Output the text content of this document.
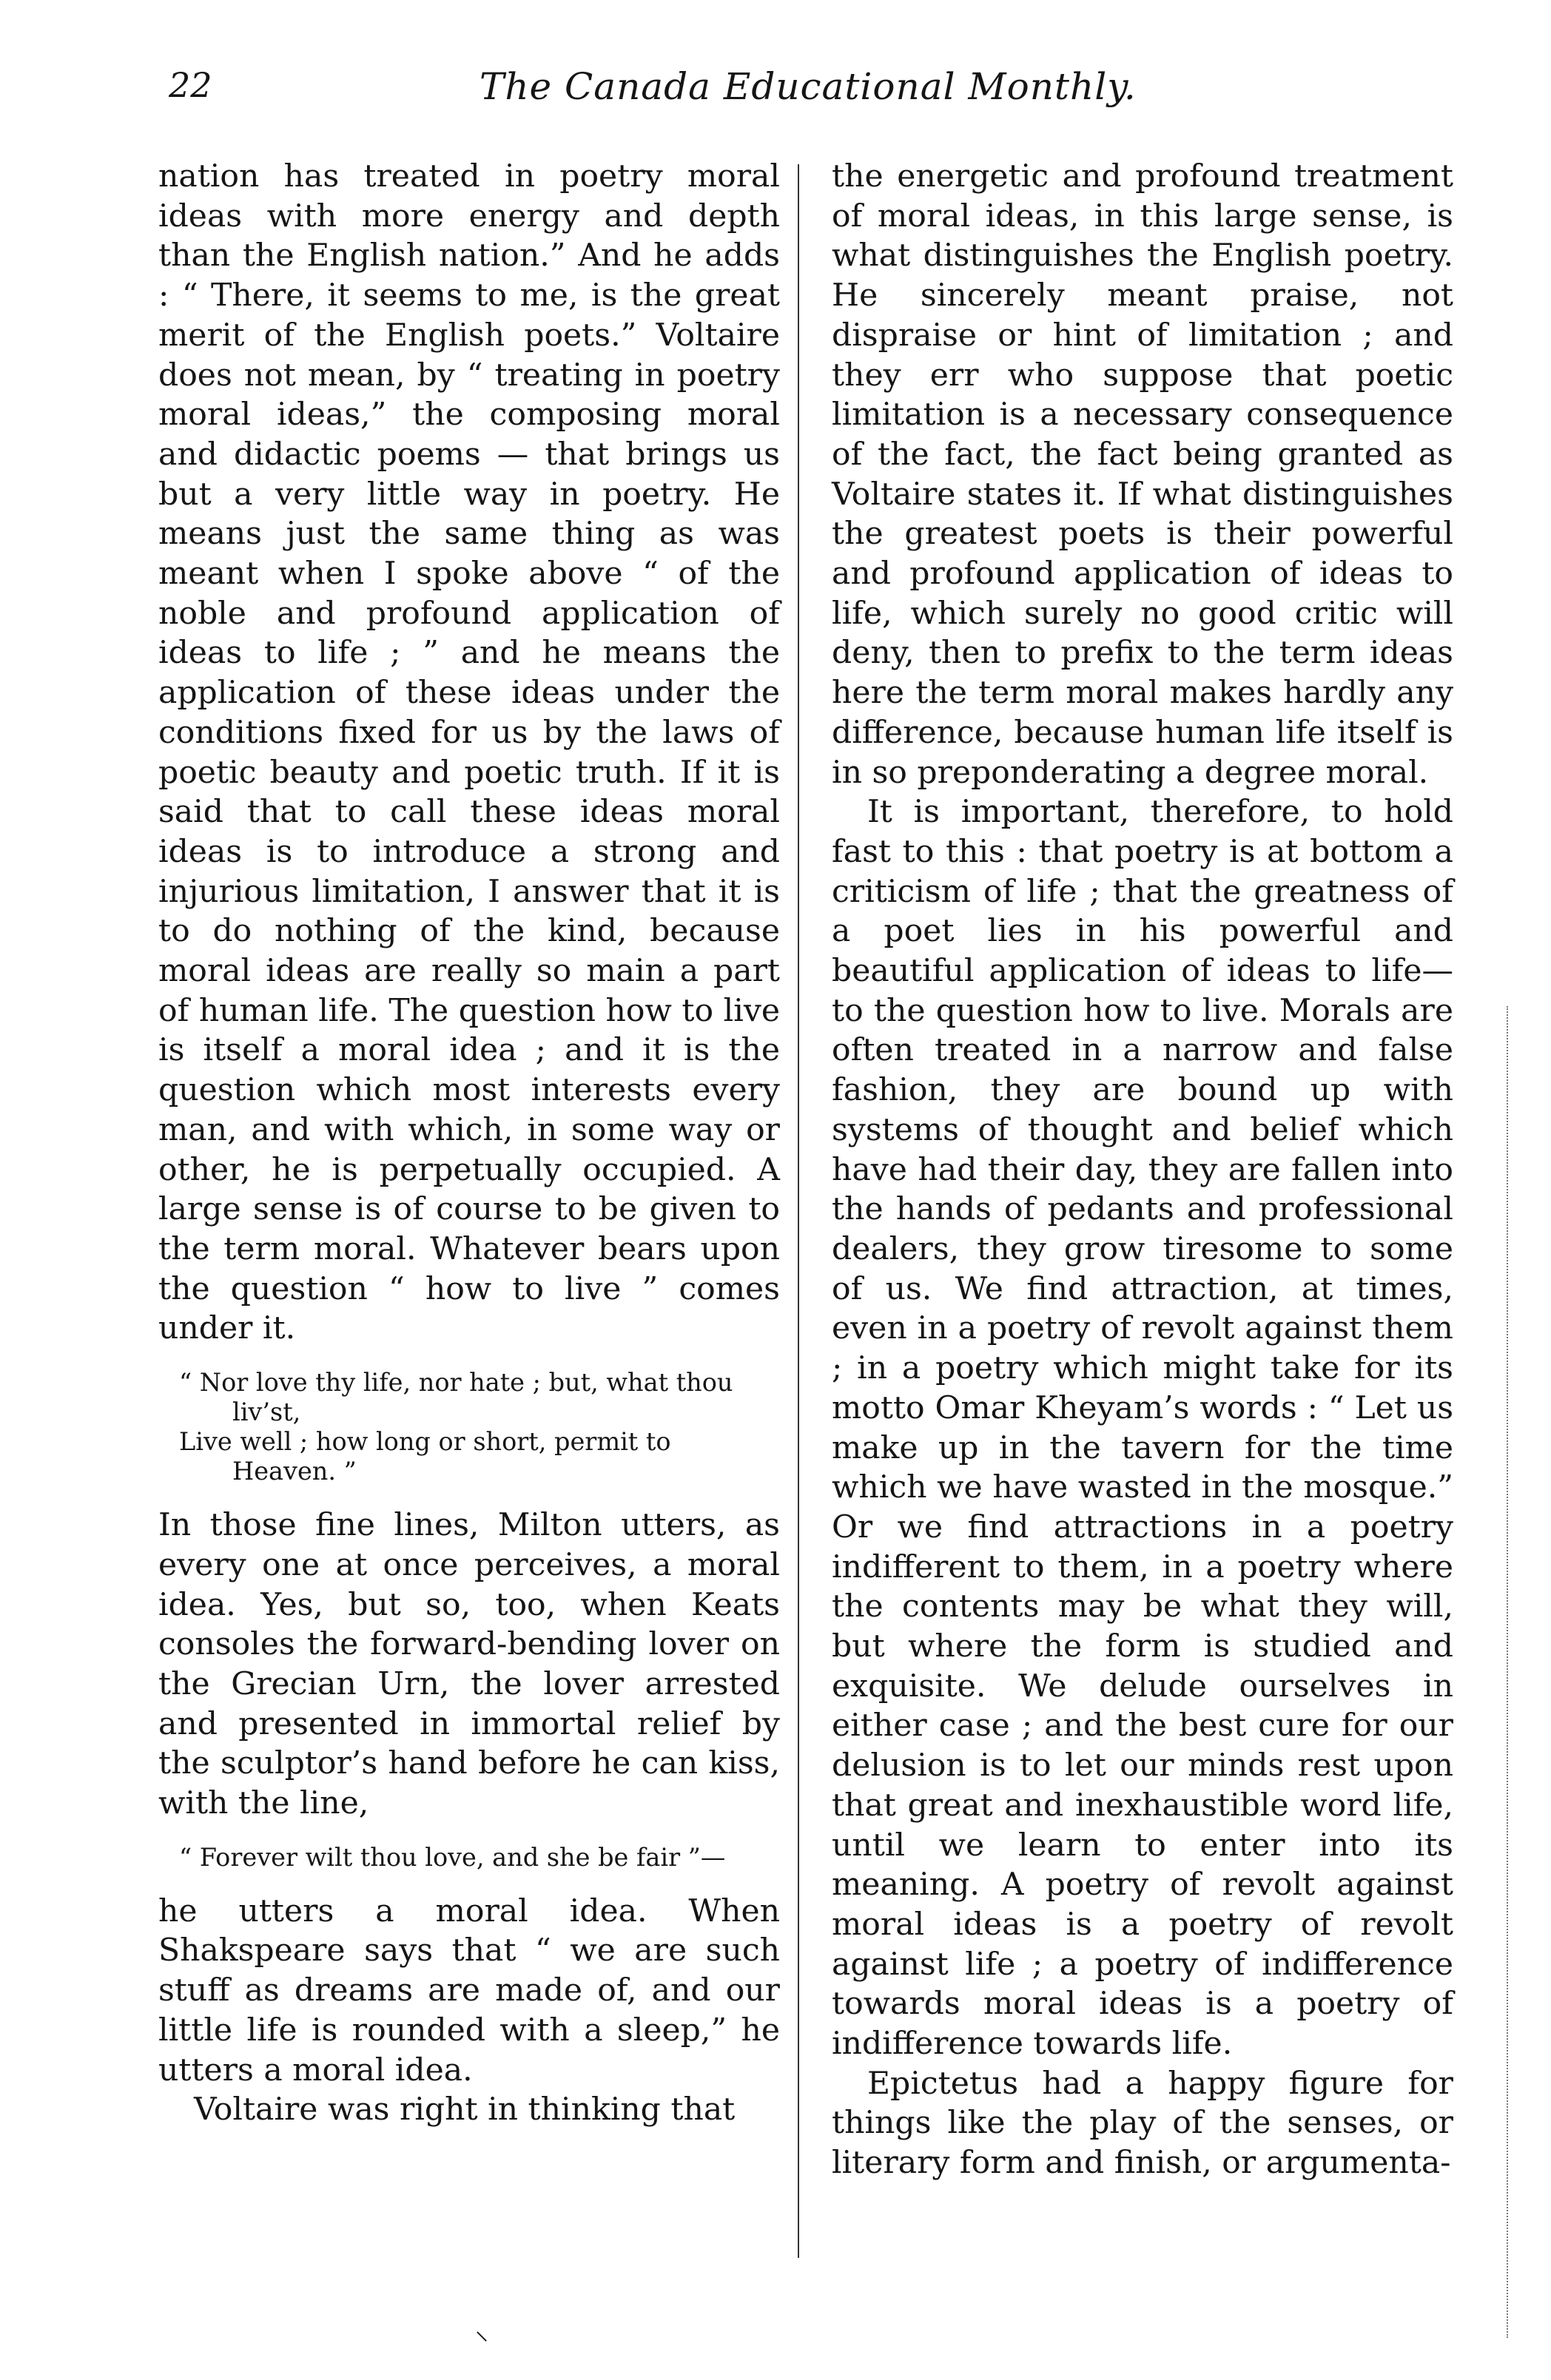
22	The Canada Educational Monthly.

nation has treated in poetry moral ideas with more energy and depth than the English nation.” And he adds : “ There, it seems to me, is the great merit of the English poets.” Voltaire does not mean, by “ treating in poetry moral ideas,” the composing moral and didactic poems — that brings us but a very little way in poetry. He means just the same thing as was meant when I spoke above “ of the noble and profound application of ideas to life ; ” and he means the application of these ideas under the conditions fixed for us by the laws of poetic beauty and poetic truth. If it is said that to call these ideas moral ideas is to introduce a strong and injurious limitation, I answer that it is to do nothing of the kind, because moral ideas are really so main a part of human life. The question how to live is itself a moral idea ; and it is the question which most interests every man, and with which, in some way or other, he is perpetually occupied. A large sense is of course to be given to the term moral. Whatever bears upon the question “ how to live ” comes under it.

“ Nor love thy life, nor hate ; but, what thou liv’st,
Live well ; how long or short, permit to Heaven. ”

In those fine lines, Milton utters, as every one at once perceives, a moral idea. Yes, but so, too, when Keats consoles the forward-bending lover on the Grecian Urn, the lover arrested and presented in immortal relief by the sculptor’s hand before he can kiss, with the line,

“ Forever wilt thou love, and she be fair ”—

he utters a moral idea. When Shakspeare says that “ we are such stuff as dreams are made of, and our little life is rounded with a sleep,” he utters a moral idea.

Voltaire was right in thinking that

the energetic and profound treatment of moral ideas, in this large sense, is what distinguishes the English poetry. He sincerely meant praise, not dispraise or hint of limitation ; and they err who suppose that poetic limitation is a necessary consequence of the fact, the fact being granted as Voltaire states it. If what distinguishes the greatest poets is their powerful and profound application of ideas to life, which surely no good critic will deny, then to prefix to the term ideas here the term moral makes hardly any difference, because human life itself is in so preponderating a degree moral.

It is important, therefore, to hold fast to this : that poetry is at bottom a criticism of life ; that the greatness of a poet lies in his powerful and beautiful application of ideas to life— to the question how to live. Morals are often treated in a narrow and false fashion, they are bound up with systems of thought and belief which have had their day, they are fallen into the hands of pedants and professional dealers, they grow tiresome to some of us. We find attraction, at times, even in a poetry of revolt against them ; in a poetry which might take for its motto Omar Kheyam’s words : “ Let us make up in the tavern for the time which we have wasted in the mosque.” Or we find attractions in a poetry indifferent to them, in a poetry where the contents may be what they will, but where the form is studied and exquisite. We delude ourselves in either case ; and the best cure for our delusion is to let our minds rest upon that great and inexhaustible word life, until we learn to enter into its meaning. A poetry of revolt against moral ideas is a poetry of revolt against life ; a poetry of indifference towards moral ideas is a poetry of indifference towards life.

Epictetus had a happy figure for things like the play of the senses, or literary form and finish, or argumenta-

⸜
